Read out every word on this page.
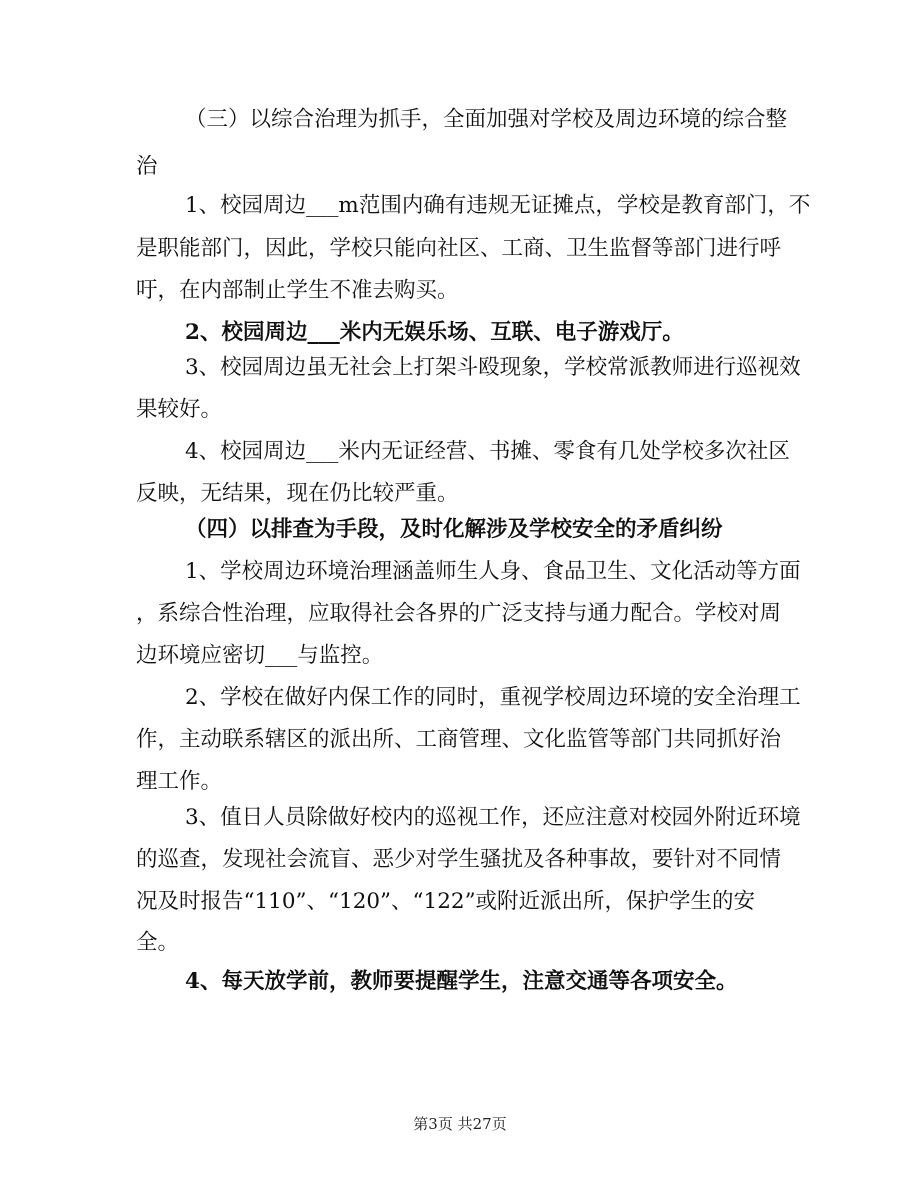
（三）以综合治理为抓手，全面加强对学校及周边环境的综合整
治
1、校园周边___m范围内确有违规无证摊点，学校是教育部门，不
是职能部门，因此，学校只能向社区、工商、卫生监督等部门进行呼
吁，在内部制止学生不准去购买。
2、校园周边___米内无娱乐场、互联、电子游戏厅。
3、校园周边虽无社会上打架斗殴现象，学校常派教师进行巡视效
果较好。
4、校园周边___米内无证经营、书摊、零食有几处学校多次社区
反映，无结果，现在仍比较严重。
（四）以排查为手段，及时化解涉及学校安全的矛盾纠纷
1、学校周边环境治理涵盖师生人身、食品卫生、文化活动等方面
，系综合性治理，应取得社会各界的广泛支持与通力配合。学校对周
边环境应密切___与监控。
2、学校在做好内保工作的同时，重视学校周边环境的安全治理工
作，主动联系辖区的派出所、工商管理、文化监管等部门共同抓好治
理工作。
3、值日人员除做好校内的巡视工作，还应注意对校园外附近环境
的巡查，发现社会流盲、恶少对学生骚扰及各种事故，要针对不同情
况及时报告“110”、“120”、“122”或附近派出所，保护学生的安
全。
4、每天放学前，教师要提醒学生，注意交通等各项安全。
第3页 共27页
